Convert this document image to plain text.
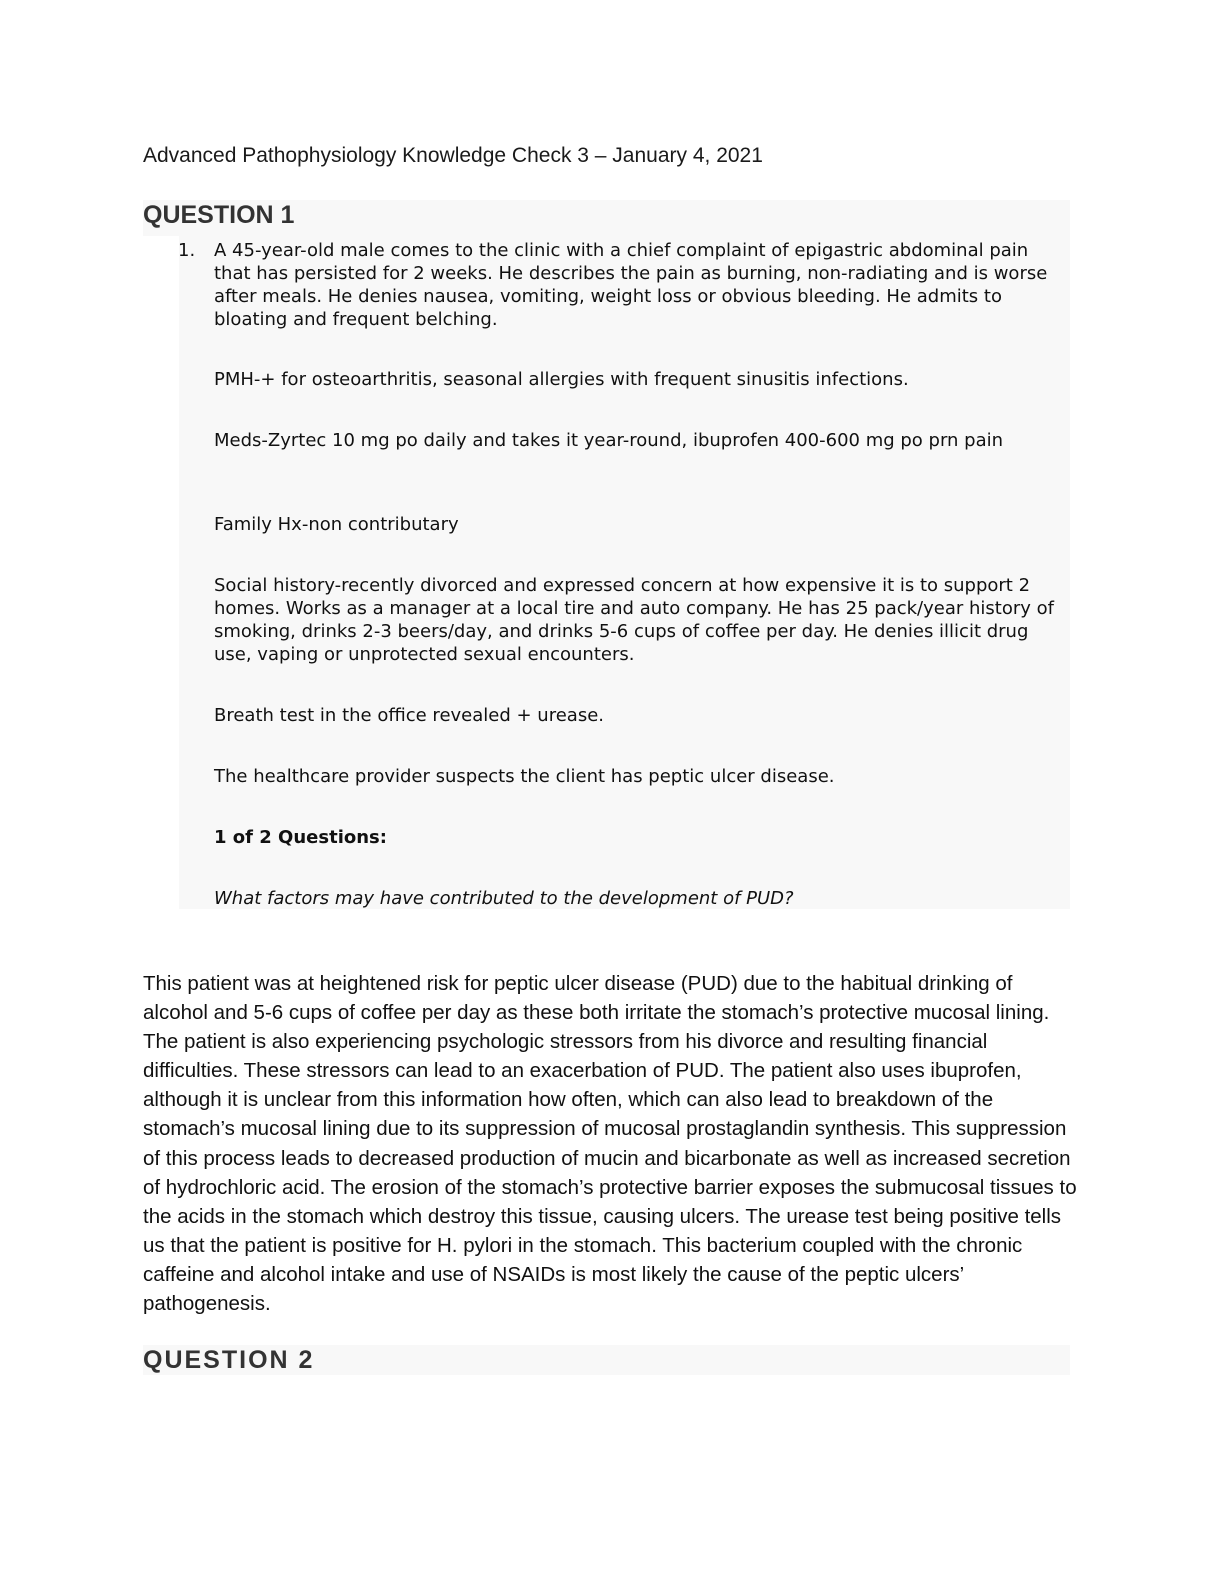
Advanced Pathophysiology Knowledge Check 3 – January 4, 2021
QUESTION 1
1. A 45-year-old male comes to the clinic with a chief complaint of epigastric abdominal pain that has persisted for 2 weeks. He describes the pain as burning, non-radiating and is worse after meals. He denies nausea, vomiting, weight loss or obvious bleeding. He admits to bloating and frequent belching.

PMH-+ for osteoarthritis, seasonal allergies with frequent sinusitis infections.

Meds-Zyrtec 10 mg po daily and takes it year-round, ibuprofen 400-600 mg po prn pain

Family Hx-non contributary

Social history-recently divorced and expressed concern at how expensive it is to support 2 homes. Works as a manager at a local tire and auto company. He has 25 pack/year history of smoking, drinks 2-3 beers/day, and drinks 5-6 cups of coffee per day. He denies illicit drug use, vaping or unprotected sexual encounters.

Breath test in the office revealed + urease.

The healthcare provider suspects the client has peptic ulcer disease.

1 of 2 Questions:

What factors may have contributed to the development of PUD?

This patient was at heightened risk for peptic ulcer disease (PUD) due to the habitual drinking of alcohol and 5-6 cups of coffee per day as these both irritate the stomach’s protective mucosal lining. The patient is also experiencing psychologic stressors from his divorce and resulting financial difficulties. These stressors can lead to an exacerbation of PUD. The patient also uses ibuprofen, although it is unclear from this information how often, which can also lead to breakdown of the stomach’s mucosal lining due to its suppression of mucosal prostaglandin synthesis. This suppression of this process leads to decreased production of mucin and bicarbonate as well as increased secretion of hydrochloric acid. The erosion of the stomach’s protective barrier exposes the submucosal tissues to the acids in the stomach which destroy this tissue, causing ulcers. The urease test being positive tells us that the patient is positive for H. pylori in the stomach. This bacterium coupled with the chronic caffeine and alcohol intake and use of NSAIDs is most likely the cause of the peptic ulcers’ pathogenesis.

QUESTION 2
